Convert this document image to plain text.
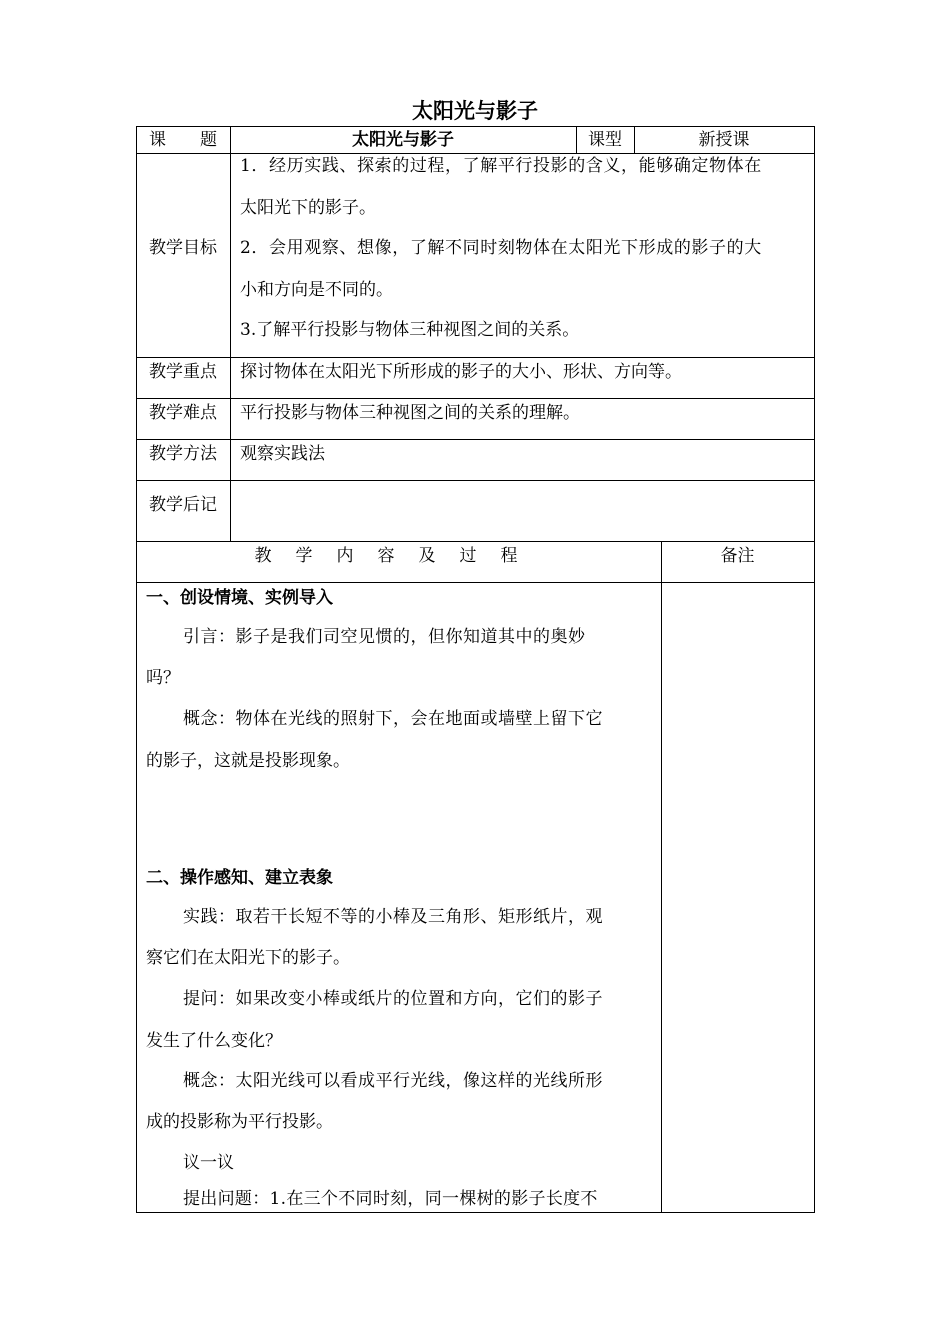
太阳光与影子
课　　题	太阳光与影子	课型	新授课
教学目标
1．经历实践、探索的过程，了解平行投影的含义，能够确定物体在
太阳光下的影子。
2．会用观察、想像，了解不同时刻物体在太阳光下形成的影子的大
小和方向是不同的。
3.了解平行投影与物体三种视图之间的关系。
教学重点	探讨物体在太阳光下所形成的影子的大小、形状、方向等。
教学难点	平行投影与物体三种视图之间的关系的理解。
教学方法	观察实践法
教学后记
教学内容及过程	备注
一、创设情境、实例导入
引言：影子是我们司空见惯的，但你知道其中的奥妙
吗？
概念：物体在光线的照射下，会在地面或墙壁上留下它
的影子，这就是投影现象。
二、操作感知、建立表象
实践：取若干长短不等的小棒及三角形、矩形纸片，观
察它们在太阳光下的影子。
提问：如果改变小棒或纸片的位置和方向，它们的影子
发生了什么变化？
概念：太阳光线可以看成平行光线，像这样的光线所形
成的投影称为平行投影。
议一议
提出问题：1.在三个不同时刻，同一棵树的影子长度不
